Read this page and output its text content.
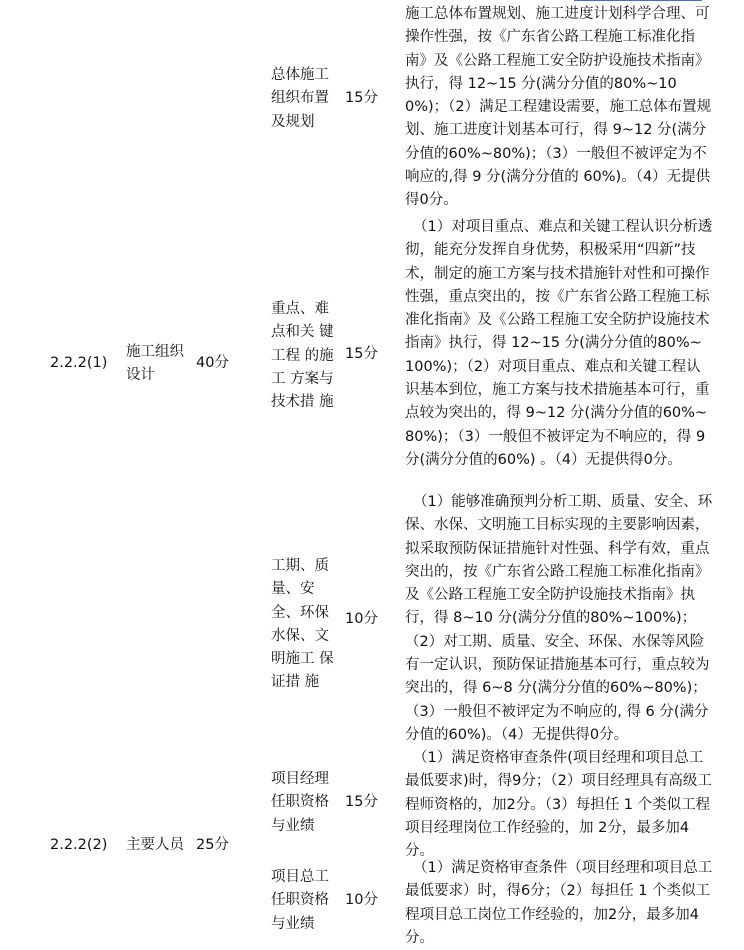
施工总体布置规划、施工进度计划科学合理、可操作性强，按《广东省公路工程施工标准化指南》及《公路工程施工安全防护设施技术指南》执行，得 12~15 分(满分分值的80%~100%)；（2）满足工程建设需要，施工总体布置规划、施工进度计划基本可行，得 9~12 分(满分分值的60%~80%)；（3）一般但不被评定为不响应的,得 9 分(满分分值的 60%)。（4）无提供得0分。
总体施工组织布置及规划
15分
（1）对项目重点、难点和关键工程认识分析透彻，能充分发挥自身优势，积极采用“四新”技术，制定的施工方案与技术措施针对性和可操作性强，重点突出的，按《广东省公路工程施工标准化指南》及《公路工程施工安全防护设施技术指南》执行，得 12~15 分(满分分值的80%~ 100%)；（2）对项目重点、难点和关键工程认识基本到位，施工方案与技术措施基本可行，重点较为突出的，得 9~12 分(满分分值的60%~80%)；（3）一般但不被评定为不响应的，得 9 分(满分分值的60%) 。（4）无提供得0分。
重点、难点和关 键工程 的施工 方案与技术措 施
15分
2.2.2(1)
施工组织设计
40分
（1）能够准确预判分析工期、质量、安全、环保、水保、文明施工目标实现的主要影响因素，拟采取预防保证措施针对性强、科学有效，重点突出的，按《广东省公路工程施工标准化指南》及《公路工程施工安全防护设施技术指南》执行，得 8~10 分(满分分值的80%~100%)；（2）对工期、质量、安全、环保、水保等风险有一定认识，预防保证措施基本可行，重点较为突出的，得 6~8 分(满分分值的60%~80%)；（3）一般但不被评定为不响应的, 得 6 分(满分分值的60%)。（4）无提供得0分。
工期、质量、安全、环保水保、文明施工 保证措 施
10分
（1）满足资格审查条件(项目经理和项目总工最低要求)时，得9分；（2）项目经理具有高级工程师资格的，加2分。（3）每担任 1 个类似工程项目经理岗位工作经验的，加 2分，最多加4分。
项目经理任职资格与业绩
15分
2.2.2(2)	主要人员 25分
（1）满足资格审查条件（项目经理和项目总工最低要求）时，得6分；（2）每担任 1 个类似工程项目总工岗位工作经验的，加2分，最多加4分。
项目总工任职资格与业绩
10分
